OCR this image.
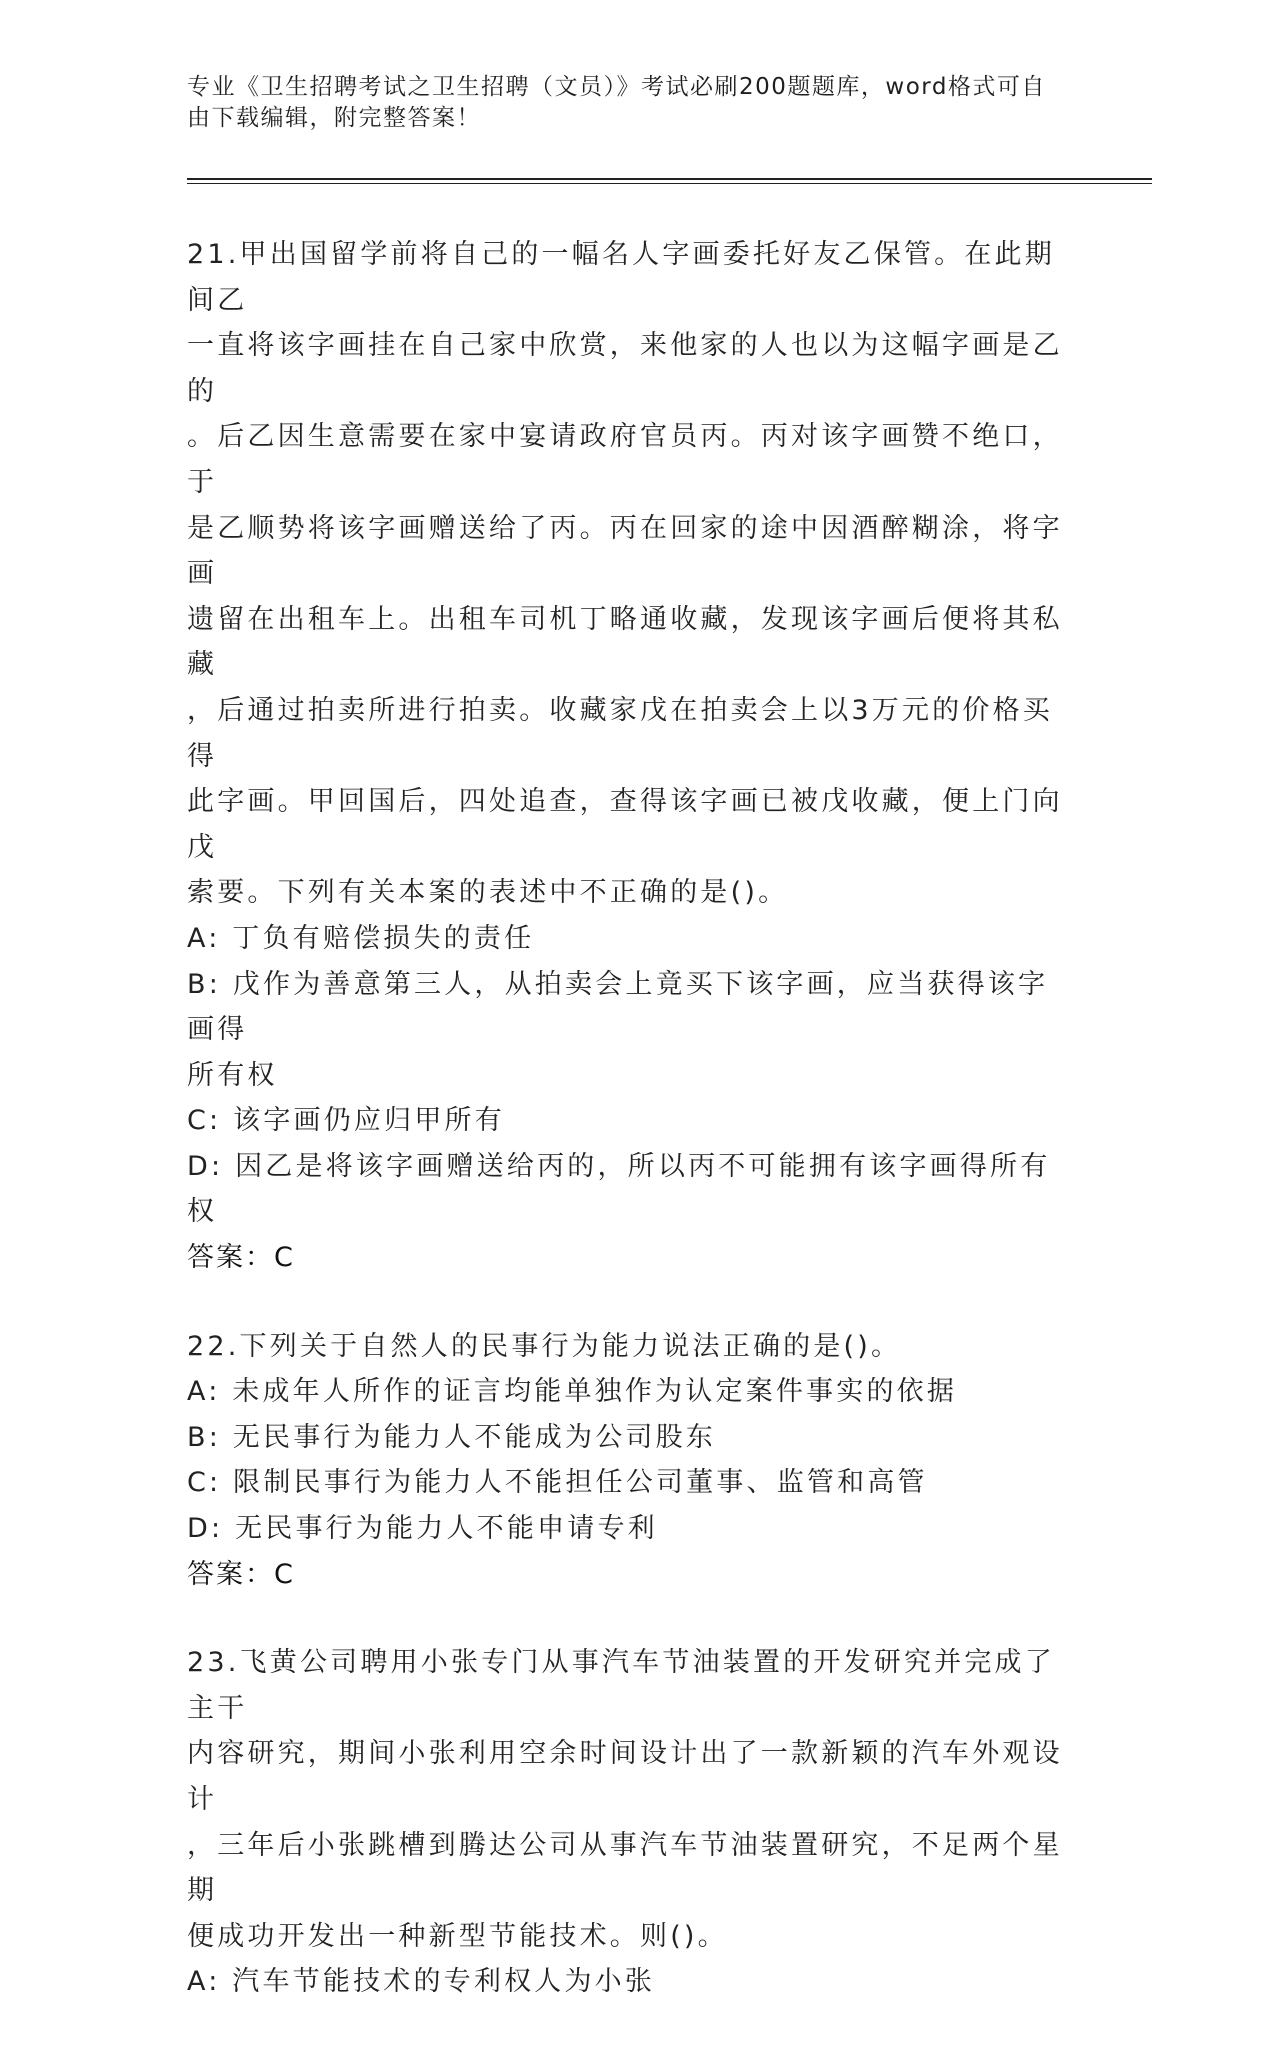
专业《卫生招聘考试之卫生招聘（文员）》考试必刷200题题库，word格式可自
由下载编辑，附完整答案！
21.甲出国留学前将自己的一幅名人字画委托好友乙保管。在此期间乙
一直将该字画挂在自己家中欣赏，来他家的人也以为这幅字画是乙的
。后乙因生意需要在家中宴请政府官员丙。丙对该字画赞不绝口，于
是乙顺势将该字画赠送给了丙。丙在回家的途中因酒醉糊涂，将字画
遗留在出租车上。出租车司机丁略通收藏，发现该字画后便将其私藏
，后通过拍卖所进行拍卖。收藏家戊在拍卖会上以3万元的价格买得
此字画。甲回国后，四处追查，查得该字画已被戊收藏，便上门向戊
索要。下列有关本案的表述中不正确的是()。
A: 丁负有赔偿损失的责任
B: 戊作为善意第三人，从拍卖会上竟买下该字画，应当获得该字画得
所有权
C: 该字画仍应归甲所有
D: 因乙是将该字画赠送给丙的，所以丙不可能拥有该字画得所有权
答案：C
22.下列关于自然人的民事行为能力说法正确的是()。
A: 未成年人所作的证言均能单独作为认定案件事实的依据
B: 无民事行为能力人不能成为公司股东
C: 限制民事行为能力人不能担任公司董事、监管和高管
D: 无民事行为能力人不能申请专利
答案：C
23.飞黄公司聘用小张专门从事汽车节油装置的开发研究并完成了主干
内容研究，期间小张利用空余时间设计出了一款新颖的汽车外观设计
，三年后小张跳槽到腾达公司从事汽车节油装置研究，不足两个星期
便成功开发出一种新型节能技术。则()。
A: 汽车节能技术的专利权人为小张
